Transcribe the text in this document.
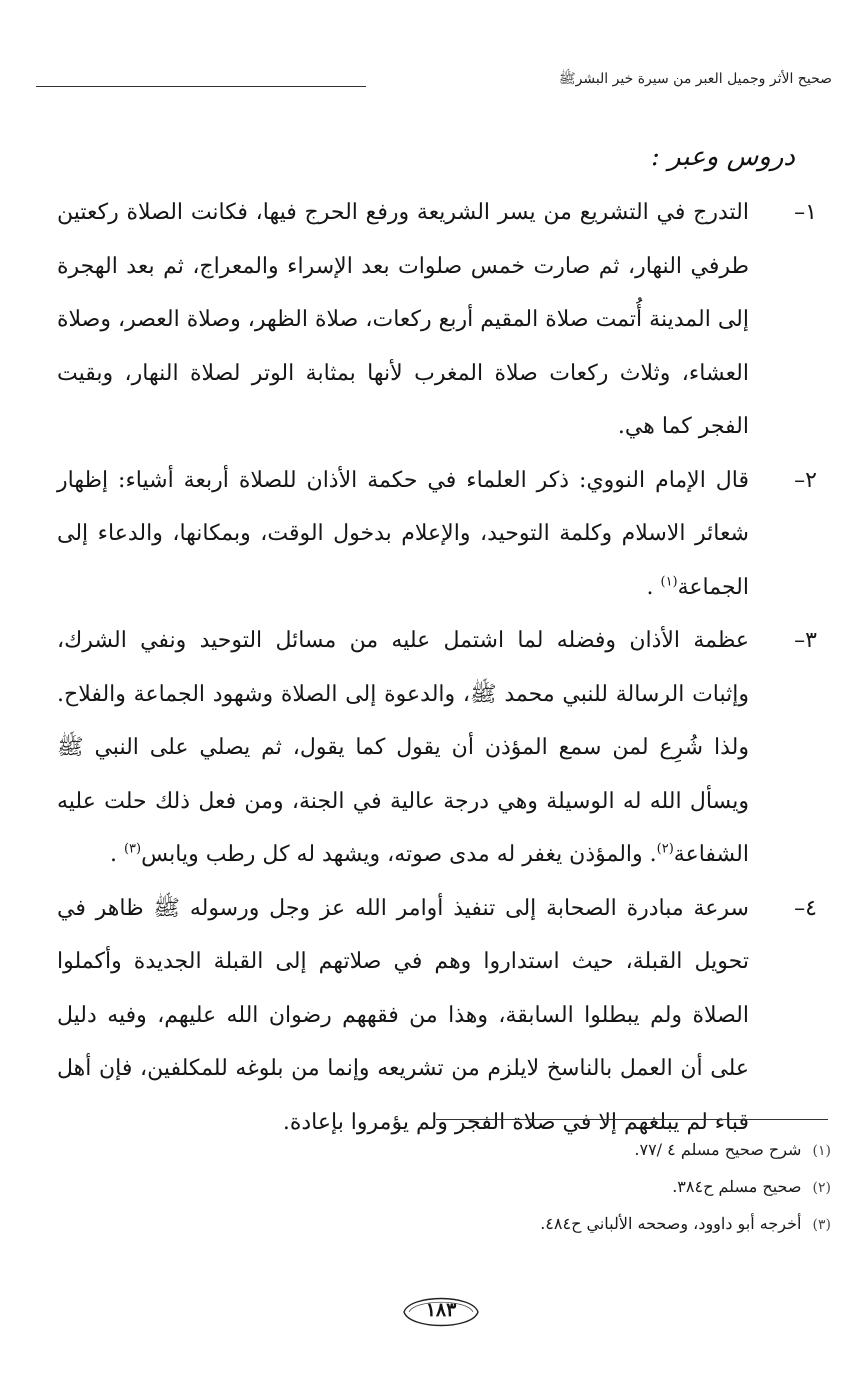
صحيح الأثر وجميل العبر من سيرة خير البشرﷺ
دروس وعبر :
١–
التدرج في التشريع من يسر الشريعة ورفع الحرج فيها، فكانت الصلاة ركعتين طرفي النهار، ثم صارت خمس صلوات بعد الإسراء والمعراج، ثم بعد الهجرة إلى المدينة أُتمت صلاة المقيم أربع ركعات، صلاة الظهر، وصلاة العصر، وصلاة العشاء، وثلاث ركعات صلاة المغرب لأنها بمثابة الوتر لصلاة النهار، وبقيت الفجر كما هي.
٢–
قال الإمام النووي: ذكر العلماء في حكمة الأذان للصلاة أربعة أشياء: إظهار شعائر الاسلام وكلمة التوحيد، والإعلام بدخول الوقت، وبمكانها، والدعاء إلى الجماعة$^{(١)}$ .
٣–
عظمة الأذان وفضله لما اشتمل عليه من مسائل التوحيد ونفي الشرك، وإثبات الرسالة للنبي محمد ﷺ، والدعوة إلى الصلاة وشهود الجماعة والفلاح. ولذا شُرِع لمن سمع المؤذن أن يقول كما يقول، ثم يصلي على النبي ﷺ ويسأل الله له الوسيلة وهي درجة عالية في الجنة، ومن فعل ذلك حلت عليه الشفاعة$^{(٢)}$. والمؤذن يغفر له مدى صوته، ويشهد له كل رطب ويابس$^{(٣)}$ .
٤–
سرعة مبادرة الصحابة إلى تنفيذ أوامر الله عز وجل ورسوله ﷺ ظاهر في تحويل القبلة، حيث استداروا وهم في صلاتهم إلى القبلة الجديدة وأكملوا الصلاة ولم يبطلوا السابقة، وهذا من فقههم رضوان الله عليهم، وفيه دليل على أن العمل بالناسخ لايلزم من تشريعه وإنما من بلوغه للمكلفين، فإن أهل قباء لم يبلغهم إلا في صلاة الفجر ولم يؤمروا بإعادة.
(١) شرح صحيح مسلم ٤ /٧٧.
(٢) صحيح مسلم ح٣٨٤.
(٣) أخرجه أبو داوود، وصححه الألباني ح٤٨٤.
١٨٣
